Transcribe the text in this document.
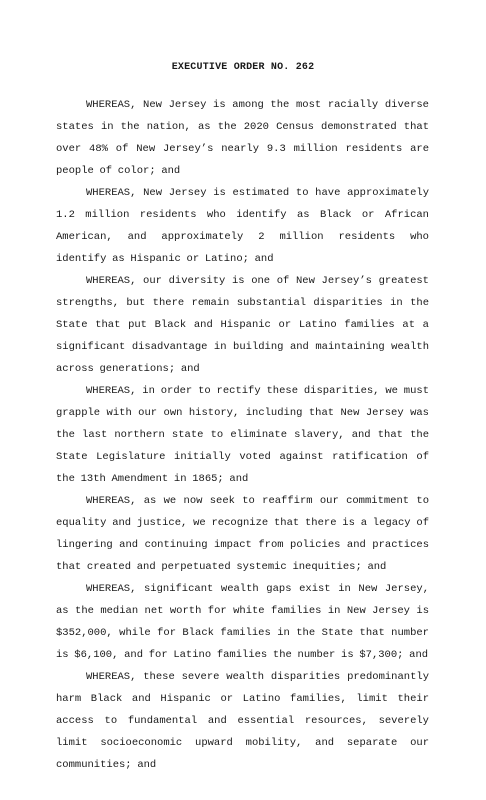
EXECUTIVE ORDER NO. 262

WHEREAS, New Jersey is among the most racially diverse states in the nation, as the 2020 Census demonstrated that over 48% of New Jersey’s nearly 9.3 million residents are people of color; and

WHEREAS, New Jersey is estimated to have approximately 1.2 million residents who identify as Black or African American, and approximately 2 million residents who identify as Hispanic or Latino; and

WHEREAS, our diversity is one of New Jersey’s greatest strengths, but there remain substantial disparities in the State that put Black and Hispanic or Latino families at a significant disadvantage in building and maintaining wealth across generations; and

WHEREAS, in order to rectify these disparities, we must grapple with our own history, including that New Jersey was the last northern state to eliminate slavery, and that the State Legislature initially voted against ratification of the 13th Amendment in 1865; and

WHEREAS, as we now seek to reaffirm our commitment to equality and justice, we recognize that there is a legacy of lingering and continuing impact from policies and practices that created and perpetuated systemic inequities; and

WHEREAS, significant wealth gaps exist in New Jersey, as the median net worth for white families in New Jersey is $352,000, while for Black families in the State that number is $6,100, and for Latino families the number is $7,300; and

WHEREAS, these severe wealth disparities predominantly harm Black and Hispanic or Latino families, limit their access to fundamental and essential resources, severely limit socioeconomic upward mobility, and separate our communities; and
